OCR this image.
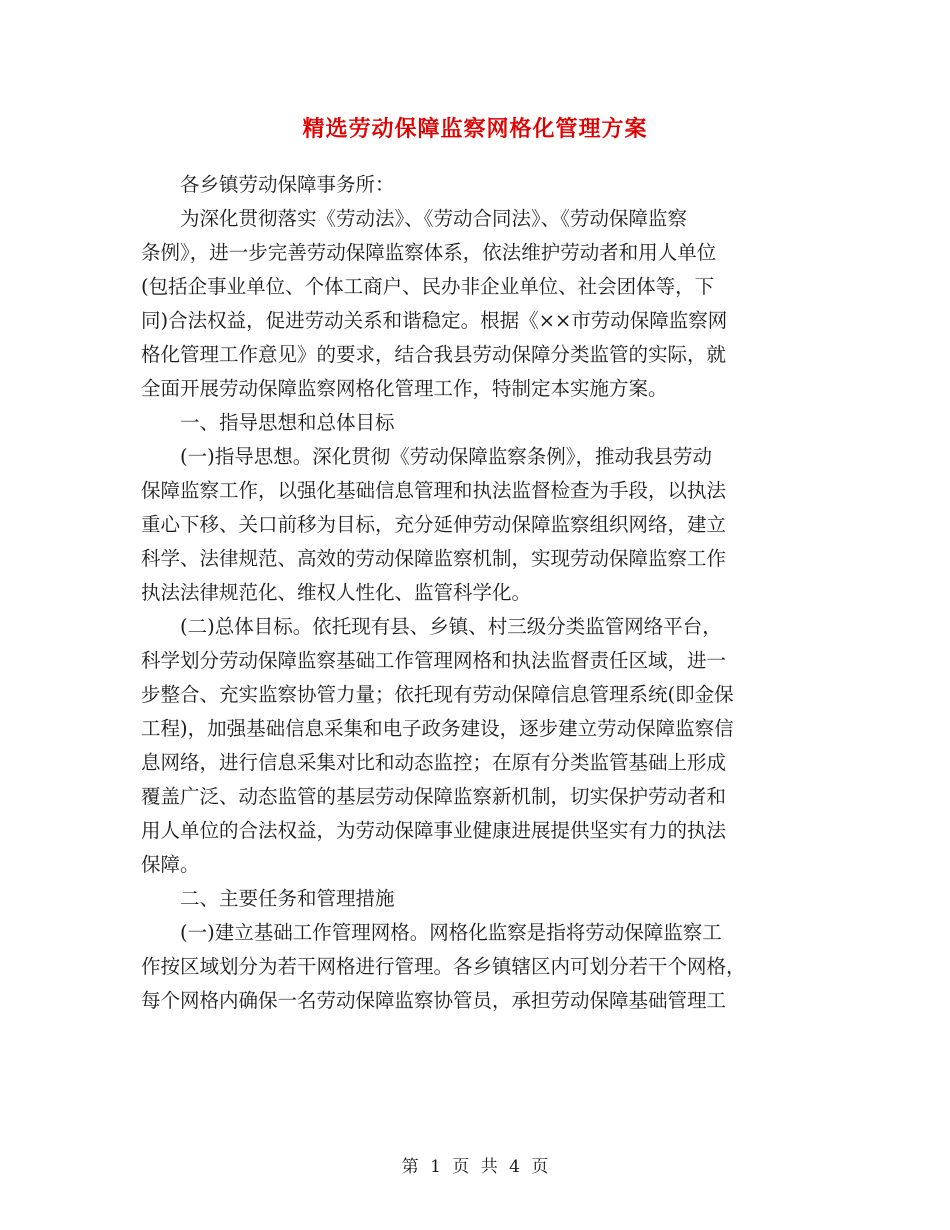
精选劳动保障监察网格化管理方案
　　各乡镇劳动保障事务所：
　　为深化贯彻落实《劳动法》、《劳动合同法》、《劳动保障监察
条例》，进一步完善劳动保障监察体系，依法维护劳动者和用人单位
(包括企事业单位、个体工商户、民办非企业单位、社会团体等，下
同)合法权益，促进劳动关系和谐稳定。根据《××市劳动保障监察网
格化管理工作意见》的要求，结合我县劳动保障分类监管的实际，就
全面开展劳动保障监察网格化管理工作，特制定本实施方案。
　　一、指导思想和总体目标
　　(一)指导思想。深化贯彻《劳动保障监察条例》，推动我县劳动
保障监察工作，以强化基础信息管理和执法监督检查为手段，以执法
重心下移、关口前移为目标，充分延伸劳动保障监察组织网络，建立
科学、法律规范、高效的劳动保障监察机制，实现劳动保障监察工作
执法法律规范化、维权人性化、监管科学化。
　　(二)总体目标。依托现有县、乡镇、村三级分类监管网络平台，
科学划分劳动保障监察基础工作管理网格和执法监督责任区域，进一
步整合、充实监察协管力量；依托现有劳动保障信息管理系统(即金保
工程)，加强基础信息采集和电子政务建设，逐步建立劳动保障监察信
息网络，进行信息采集对比和动态监控；在原有分类监管基础上形成
覆盖广泛、动态监管的基层劳动保障监察新机制，切实保护劳动者和
用人单位的合法权益，为劳动保障事业健康进展提供坚实有力的执法
保障。
　　二、主要任务和管理措施
　　(一)建立基础工作管理网格。网格化监察是指将劳动保障监察工
作按区域划分为若干网格进行管理。各乡镇辖区内可划分若干个网格，
每个网格内确保一名劳动保障监察协管员，承担劳动保障基础管理工
第 1 页 共 4 页
